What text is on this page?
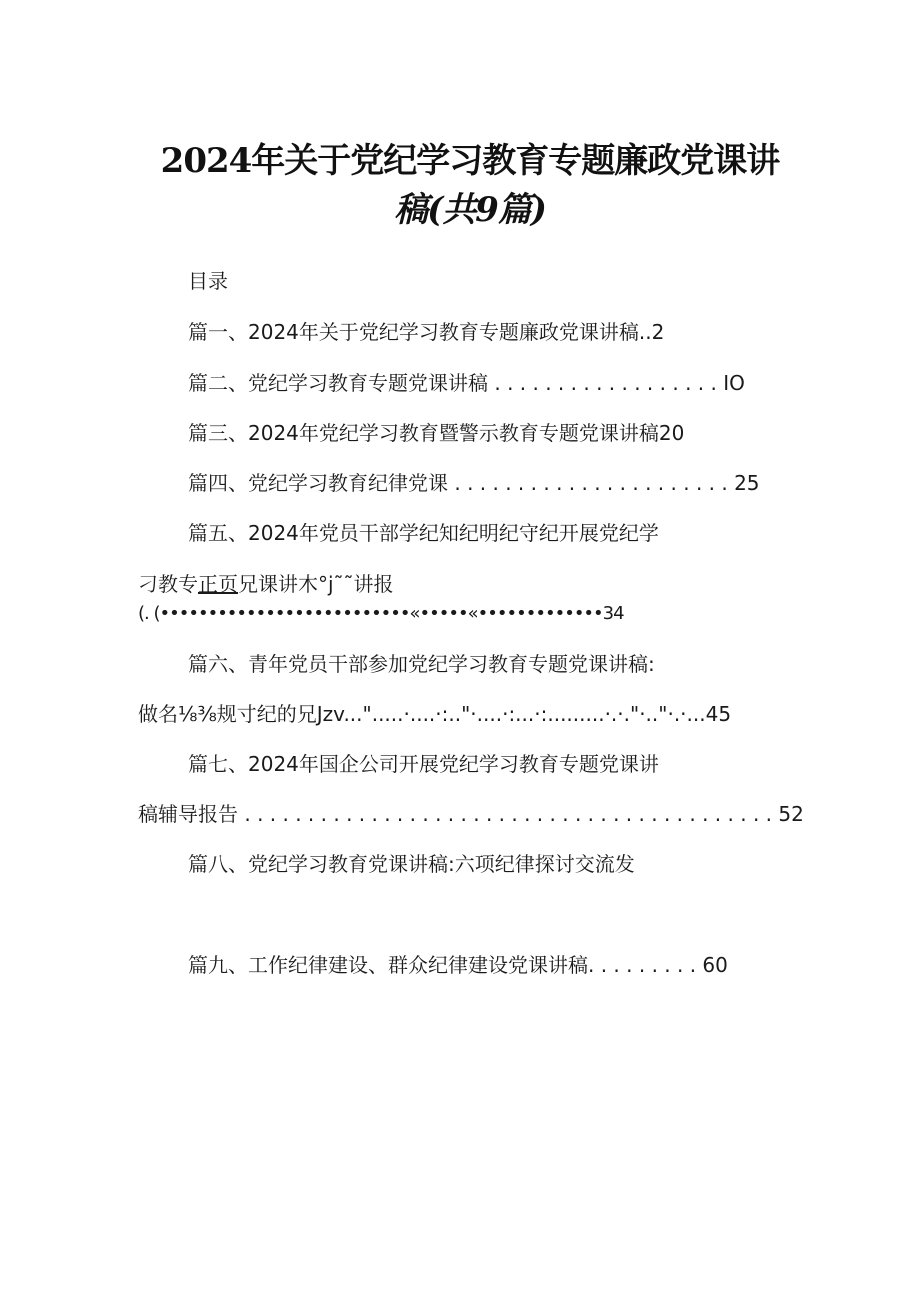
2024年关于党纪学习教育专题廉政党课讲
稿(共9篇)
目录
篇一、2024年关于党纪学习教育专题廉政党课讲稿..2
篇二、党纪学习教育专题党课讲稿 . . . . . . . . . . . . . . . . . . IO
篇三、2024年党纪学习教育暨警示教育专题党课讲稿20
篇四、党纪学习教育纪律党课 . . . . . . . . . . . . . . . . . . . . . . 25
篇五、2024年党员干部学纪知纪明纪守纪开展党纪学
刁教专正页兄课讲木°j˜˜讲报
(. (••••••••••••••••••••••••••«•••••«•••••••••••••34
篇六、青年党员干部参加党纪学习教育专题党课讲稿:
做名⅛⅜规寸纪的兄Jzv...".....·....·:.."·....·:...·:.........·.·."·.."·.·...45
篇七、2024年国企公司开展党纪学习教育专题党课讲
稿辅导报告 . . . . . . . . . . . . . . . . . . . . . . . . . . . . . . . . . . . . . . . . . . 52
篇八、党纪学习教育党课讲稿:六项纪律探讨交流发
篇九、工作纪律建设、群众纪律建设党课讲稿. . . . . . . . . 60
